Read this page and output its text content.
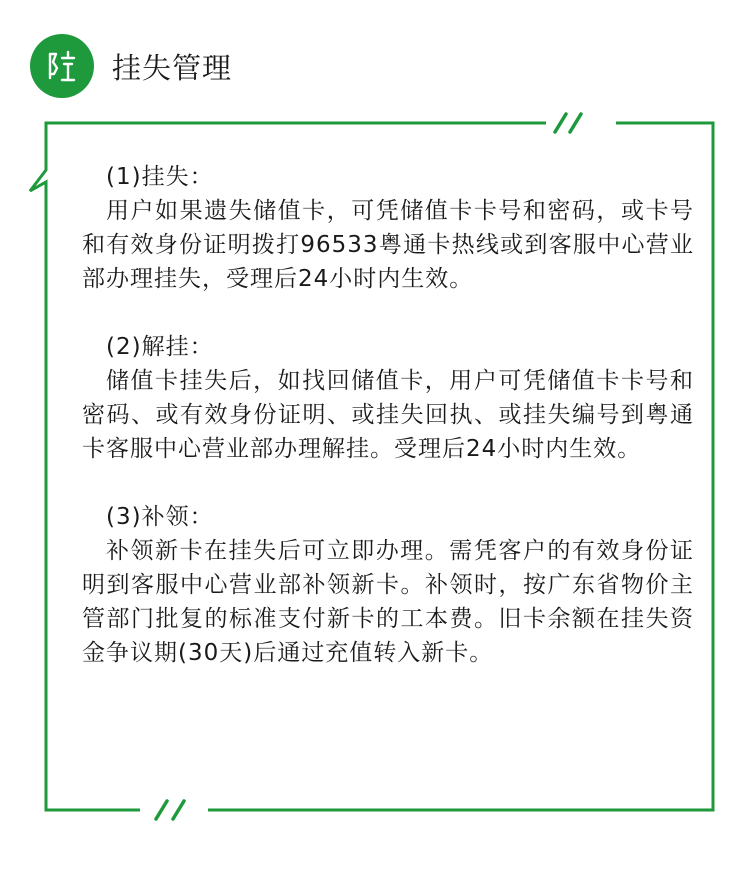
挂失管理
(1)挂失：
用户如果遗失储值卡，可凭储值卡卡号和密码，或卡号和有效身份证明拨打96533粤通卡热线或到客服中心营业部办理挂失，受理后24小时内生效。
(2)解挂：
储值卡挂失后，如找回储值卡，用户可凭储值卡卡号和密码、或有效身份证明、或挂失回执、或挂失编号到粤通卡客服中心营业部办理解挂。受理后24小时内生效。
(3)补领：
补领新卡在挂失后可立即办理。需凭客户的有效身份证明到客服中心营业部补领新卡。补领时，按广东省物价主管部门批复的标准支付新卡的工本费。旧卡余额在挂失资金争议期(30天)后通过充值转入新卡。
